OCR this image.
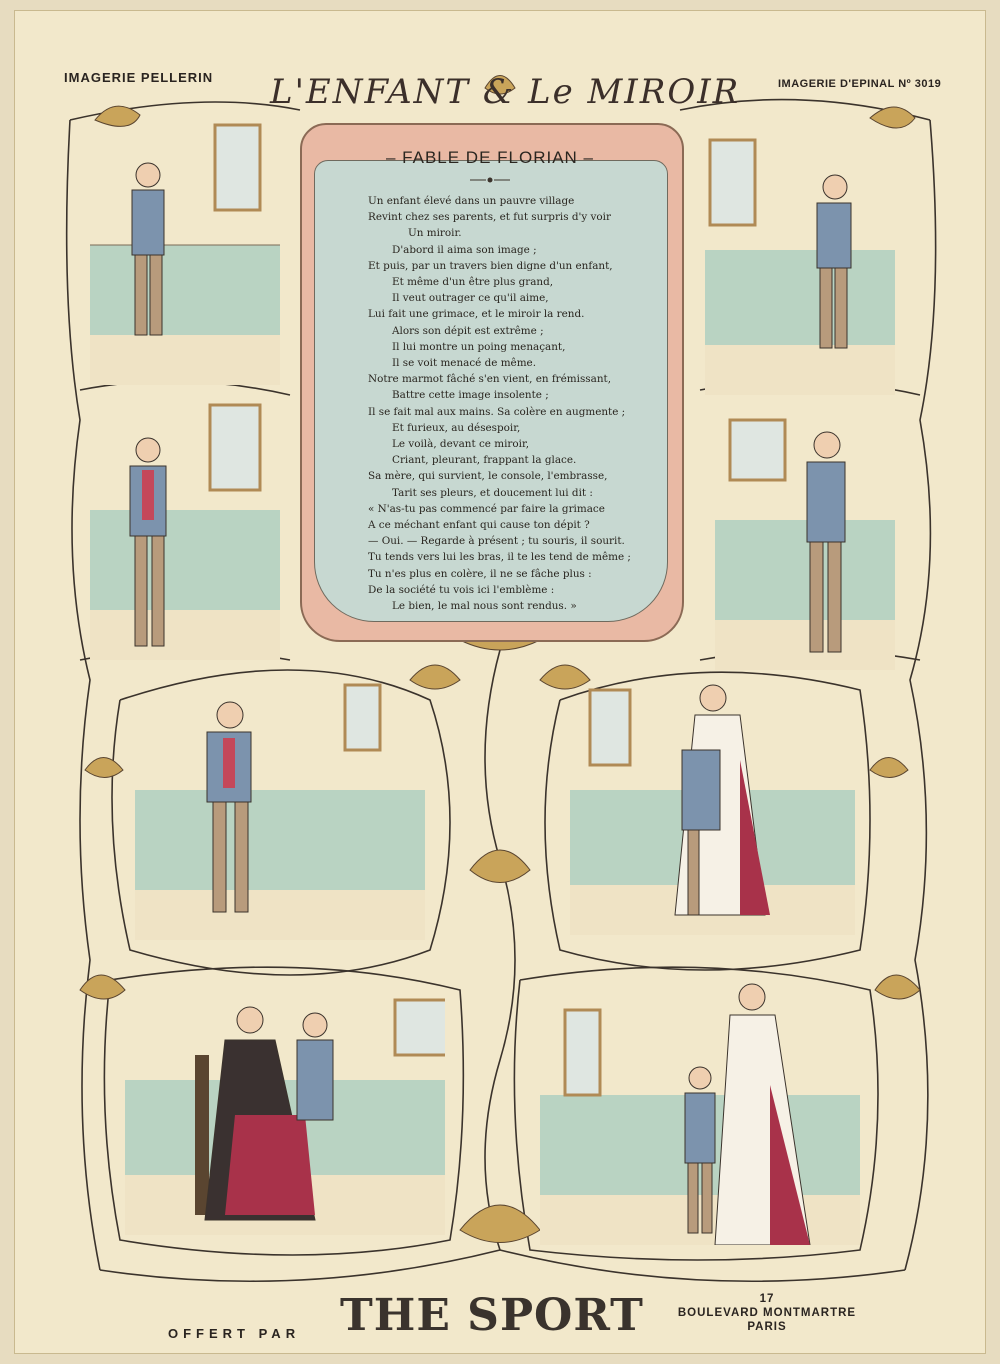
IMAGERIE PELLERIN	IMAGERIE D'EPINAL Nº 3019
L'ENFANT & Le MIROIR
– FABLE DE FLORIAN –
Un enfant élevé dans un pauvre village
Revint chez ses parents, et fut surpris d'y voir
Un miroir.
D'abord il aima son image ;
Et puis, par un travers bien digne d'un enfant,
Et même d'un être plus grand,
Il veut outrager ce qu'il aime,
Lui fait une grimace, et le miroir la rend.
Alors son dépit est extrême ;
Il lui montre un poing menaçant,
Il se voit menacé de même.
Notre marmot fâché s'en vient, en frémissant,
Battre cette image insolente ;
Il se fait mal aux mains. Sa colère en augmente ;
Et furieux, au désespoir,
Le voilà, devant ce miroir,
Criant, pleurant, frappant la glace.
Sa mère, qui survient, le console, l'embrasse,
Tarit ses pleurs, et doucement lui dit :
« N'as-tu pas commencé par faire la grimace
A ce méchant enfant qui cause ton dépit ?
— Oui. — Regarde à présent ; tu souris, il sourit.
Tu tends vers lui les bras, il te les tend de même ;
Tu n'es plus en colère, il ne se fâche plus :
De la société tu vois ici l'emblème :
Le bien, le mal nous sont rendus. »
OFFERT PAR THE SPORT	17
BOULEVARD MONTMARTRE
PARIS
